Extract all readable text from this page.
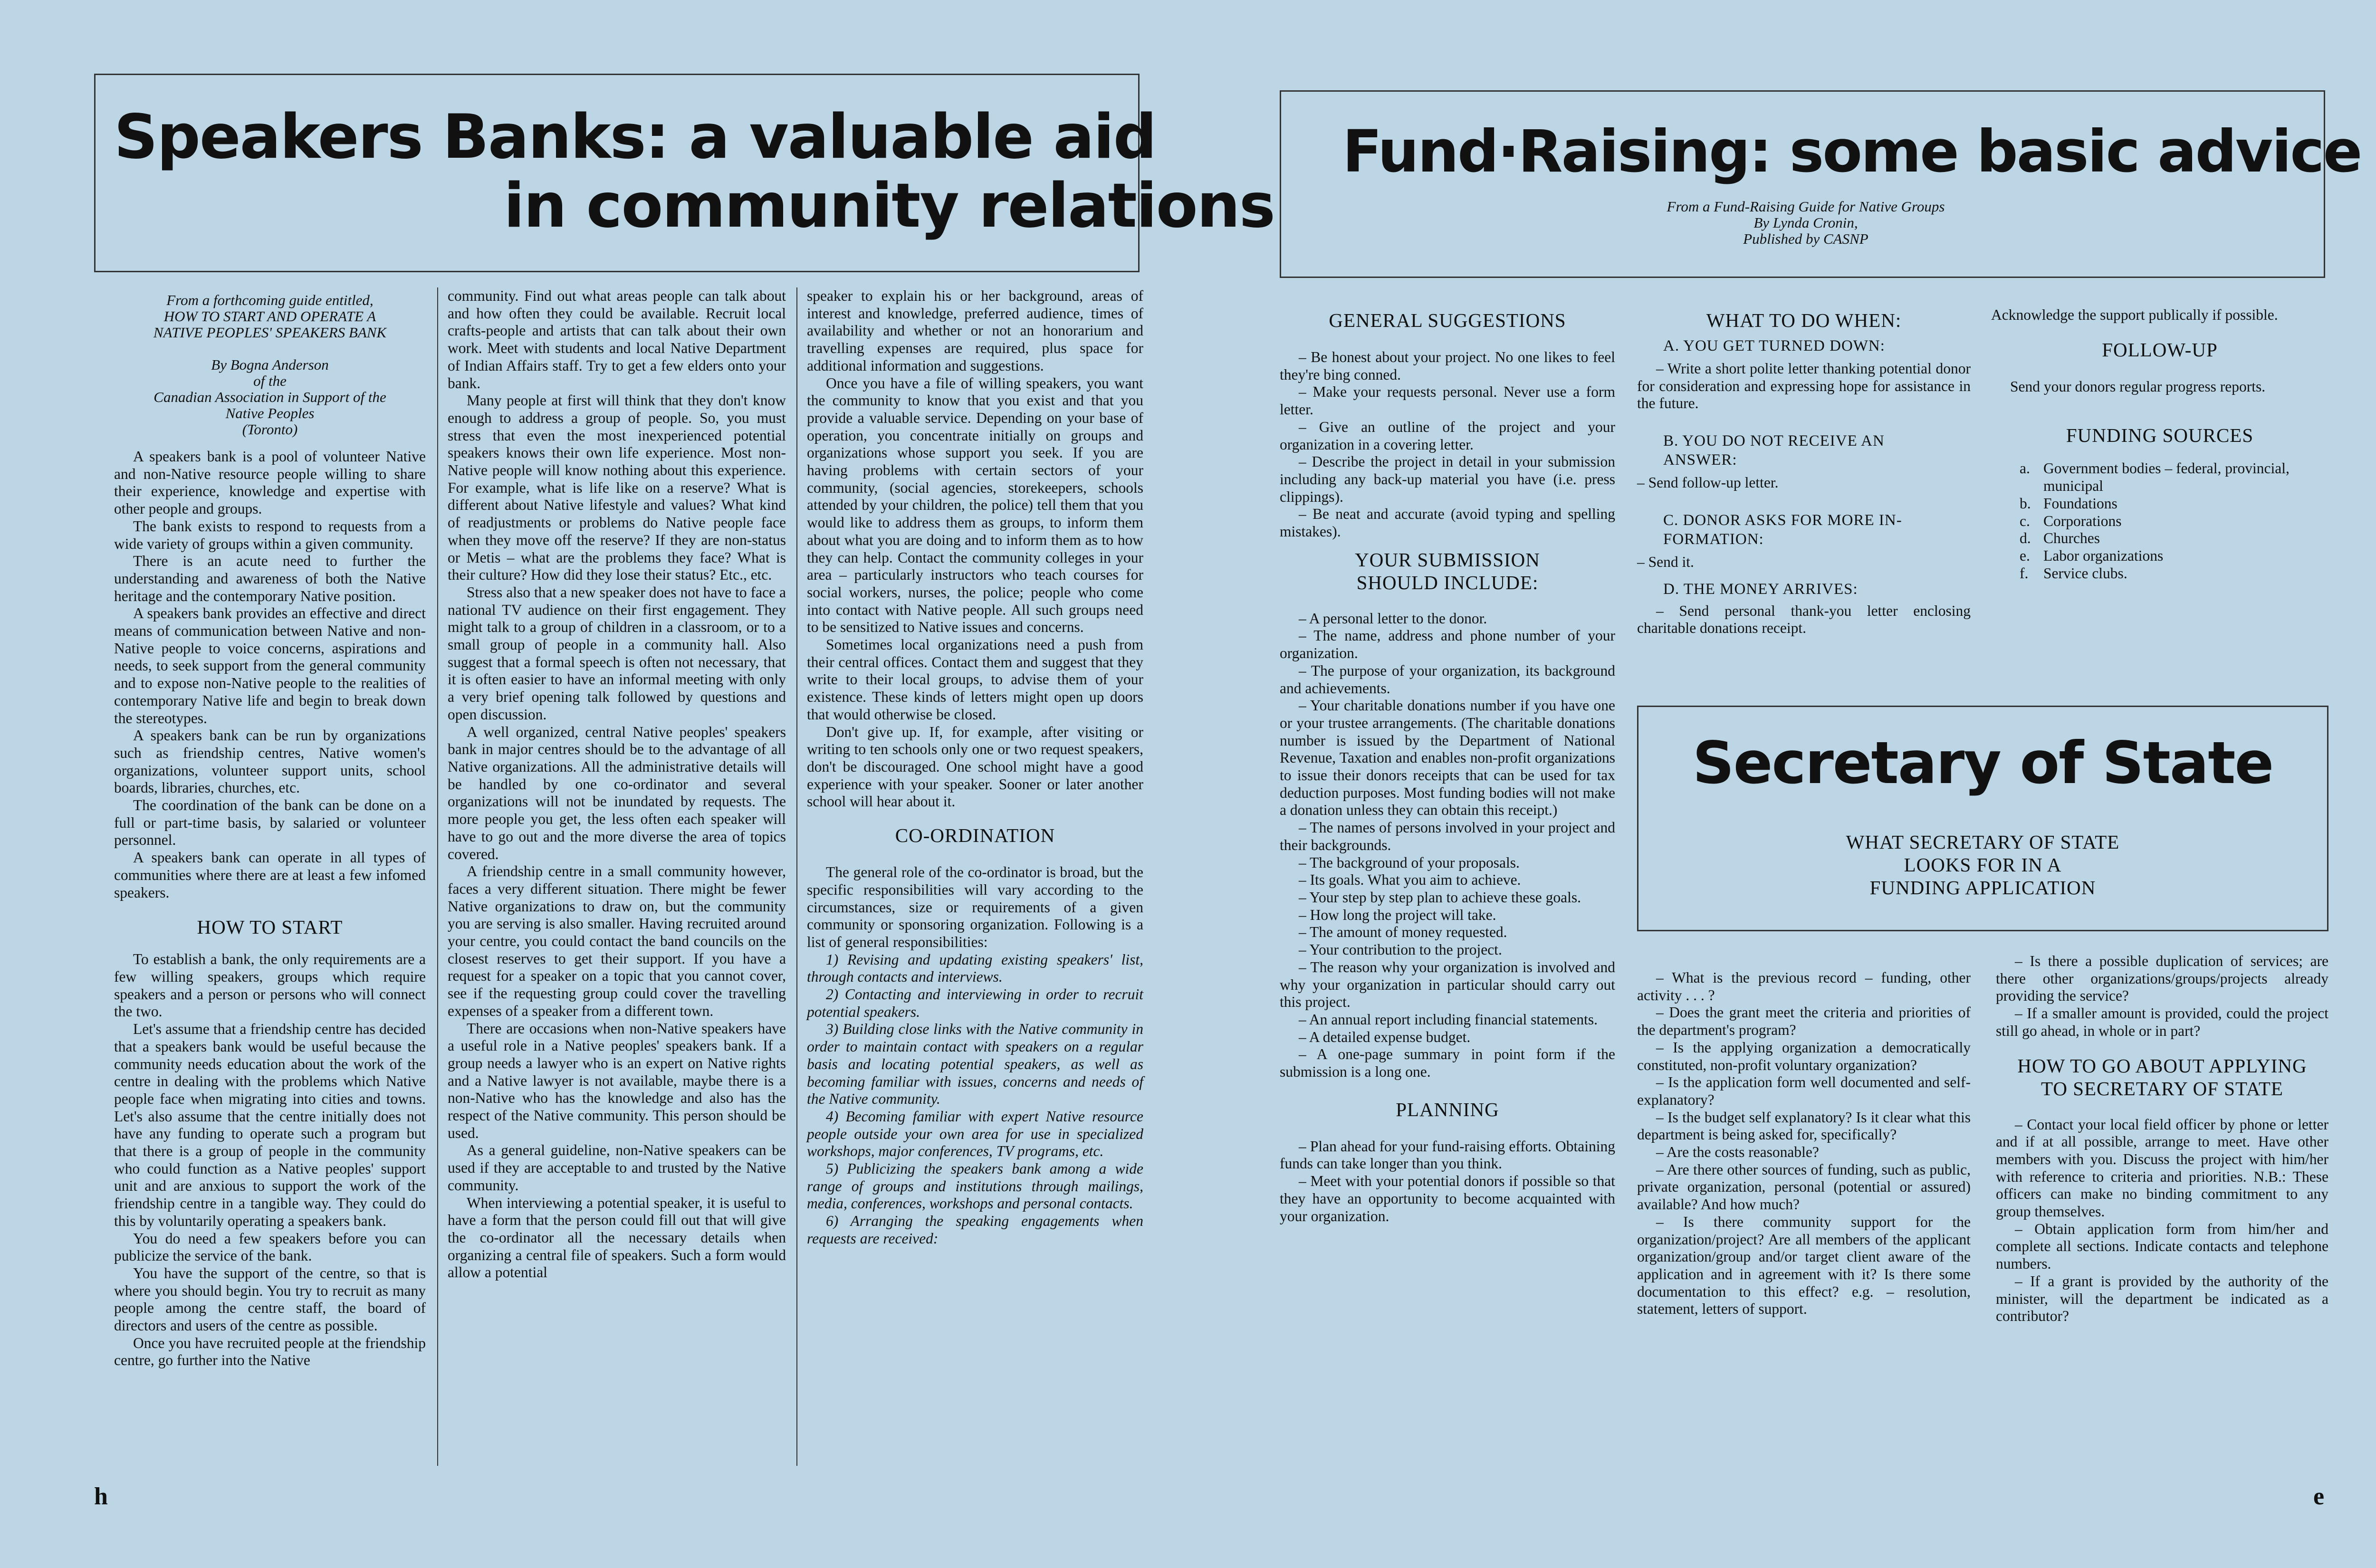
Speakers Banks: a valuable aid
in community relations
From a forthcoming guide entitled,
HOW TO START AND OPERATE A
NATIVE PEOPLES' SPEAKERS BANK
By Bogna Anderson
of the
Canadian Association in Support of the
Native Peoples
(Toronto)

A speakers bank is a pool of volunteer Native and non-Native resource people willing to share their experience, knowledge and expertise with other people and groups.

The bank exists to respond to requests from a wide variety of groups within a given community.

There is an acute need to further the understanding and awareness of both the Native heritage and the contemporary Native position.

A speakers bank provides an effective and direct means of communication between Native and non-Native people to voice concerns, aspirations and needs, to seek support from the general community and to expose non-Native people to the realities of contemporary Native life and begin to break down the stereotypes.

A speakers bank can be run by organizations such as friendship centres, Native women's organizations, volunteer support units, school boards, libraries, churches, etc.

The coordination of the bank can be done on a full or part-time basis, by salaried or volunteer personnel.

A speakers bank can operate in all types of communities where there are at least a few infomed speakers.

HOW TO START

To establish a bank, the only requirements are a few willing speakers, groups which require speakers and a person or persons who will connect the two.

Let's assume that a friendship centre has decided that a speakers bank would be useful because the community needs education about the work of the centre in dealing with the problems which Native people face when migrating into cities and towns. Let's also assume that the centre initially does not have any funding to operate such a program but that there is a group of people in the community who could function as a Native peoples' support unit and are anxious to support the work of the friendship centre in a tangible way. They could do this by voluntarily operating a speakers bank.

You do need a few speakers before you can publicize the service of the bank.

You have the support of the centre, so that is where you should begin. You try to recruit as many people among the centre staff, the board of directors and users of the centre as possible.

Once you have recruited people at the friendship centre, go further into the Native

community. Find out what areas people can talk about and how often they could be available. Recruit local crafts-people and artists that can talk about their own work. Meet with students and local Native Department of Indian Affairs staff. Try to get a few elders onto your bank.

Many people at first will think that they don't know enough to address a group of people. So, you must stress that even the most inexperienced potential speakers knows their own life experience. Most non-Native people will know nothing about this experience. For example, what is life like on a reserve? What is different about Native lifestyle and values? What kind of readjustments or problems do Native people face when they move off the reserve? If they are non-status or Metis – what are the problems they face? What is their culture? How did they lose their status? Etc., etc.

Stress also that a new speaker does not have to face a national TV audience on their first engagement. They might talk to a group of children in a classroom, or to a small group of people in a community hall. Also suggest that a formal speech is often not necessary, that it is often easier to have an informal meeting with only a very brief opening talk followed by questions and open discussion.

A well organized, central Native peoples' speakers bank in major centres should be to the advantage of all Native organizations. All the administrative details will be handled by one co-ordinator and several organizations will not be inundated by requests. The more people you get, the less often each speaker will have to go out and the more diverse the area of topics covered.

A friendship centre in a small community however, faces a very different situation. There might be fewer Native organizations to draw on, but the community you are serving is also smaller. Having recruited around your centre, you could contact the band councils on the closest reserves to get their support. If you have a request for a speaker on a topic that you cannot cover, see if the requesting group could cover the travelling expenses of a speaker from a different town.

There are occasions when non-Native speakers have a useful role in a Native peoples' speakers bank. If a group needs a lawyer who is an expert on Native rights and a Native lawyer is not available, maybe there is a non-Native who has the knowledge and also has the respect of the Native community. This person should be used.

As a general guideline, non-Native speakers can be used if they are acceptable to and trusted by the Native community.

When interviewing a potential speaker, it is useful to have a form that the person could fill out that will give the co-ordinator all the necessary details when organizing a central file of speakers. Such a form would allow a potential

speaker to explain his or her background, areas of interest and knowledge, preferred audience, times of availability and whether or not an honorarium and travelling expenses are required, plus space for additional information and suggestions.

Once you have a file of willing speakers, you want the community to know that you exist and that you provide a valuable service. Depending on your base of operation, you concentrate initially on groups and organizations whose support you seek. If you are having problems with certain sectors of your community, (social agencies, storekeepers, schools attended by your children, the police) tell them that you would like to address them as groups, to inform them about what you are doing and to inform them as to how they can help. Contact the community colleges in your area – particularly instructors who teach courses for social workers, nurses, the police; people who come into contact with Native people. All such groups need to be sensitized to Native issues and concerns.

Sometimes local organizations need a push from their central offices. Contact them and suggest that they write to their local groups, to advise them of your existence. These kinds of letters might open up doors that would otherwise be closed.

Don't give up. If, for example, after visiting or writing to ten schools only one or two request speakers, don't be discouraged. One school might have a good experience with your speaker. Sooner or later another school will hear about it.

CO-ORDINATION

The general role of the co-ordinator is broad, but the specific responsibilities will vary according to the circumstances, size or requirements of a given community or sponsoring organization. Following is a list of general responsibilities:

1) Revising and updating existing speakers' list, through contacts and interviews.

2) Contacting and interviewing in order to recruit potential speakers.

3) Building close links with the Native community in order to maintain contact with speakers on a regular basis and locating potential speakers, as well as becoming familiar with issues, concerns and needs of the Native community.

4) Becoming familiar with expert Native resource people outside your own area for use in specialized workshops, major conferences, TV programs, etc.

5) Publicizing the speakers bank among a wide range of groups and institutions through mailings, media, conferences, workshops and personal contacts.

6) Arranging the speaking engagements when requests are received:

h
Fund·Raising: some basic advice
From a Fund-Raising Guide for Native Groups
By Lynda Cronin,
Published by CASNP
GENERAL SUGGESTIONS

– Be honest about your project. No one likes to feel they're bing conned.

– Make your requests personal. Never use a form letter.

– Give an outline of the project and your organization in a covering letter.

– Describe the project in detail in your submission including any back-up material you have (i.e. press clippings).

– Be neat and accurate (avoid typing and spelling mistakes).

YOUR SUBMISSION
SHOULD INCLUDE:

– A personal letter to the donor.

– The name, address and phone number of your organization.

– The purpose of your organization, its background and achievements.

– Your charitable donations number if you have one or your trustee arrangements. (The charitable donations number is issued by the Department of National Revenue, Taxation and enables non-profit organizations to issue their donors receipts that can be used for tax deduction purposes. Most funding bodies will not make a donation unless they can obtain this receipt.)

– The names of persons involved in your project and their backgrounds.

– The background of your proposals.

– Its goals. What you aim to achieve.

– Your step by step plan to achieve these goals.

– How long the project will take.

– The amount of money requested.

– Your contribution to the project.

– The reason why your organization is involved and why your organization in particular should carry out this project.

– An annual report including financial statements.

– A detailed expense budget.

– A one-page summary in point form if the submission is a long one.

PLANNING

– Plan ahead for your fund-raising efforts. Obtaining funds can take longer than you think.

– Meet with your potential donors if possible so that they have an opportunity to become acquainted with your organization.

WHAT TO DO WHEN:
A. YOU GET TURNED DOWN:

– Write a short polite letter thanking potential donor for consideration and expressing hope for assistance in the future.

B. YOU DO NOT RECEIVE AN
ANSWER:

– Send follow-up letter.

C. DONOR ASKS FOR MORE IN-
FORMATION:

– Send it.

D. THE MONEY ARRIVES:

– Send personal thank-you letter enclosing charitable donations receipt.

Acknowledge the support publically if possible.

FOLLOW-UP

Send your donors regular progress reports.

FUNDING SOURCES
a. Government bodies – federal, provincial, municipal
b. Foundations
c. Corporations
d. Churches
e. Labor organizations
f.	Service clubs.
Secretary of State
WHAT SECRETARY OF STATE
LOOKS FOR IN A
FUNDING APPLICATION

– What is the previous record – funding, other activity . . . ?

– Does the grant meet the criteria and priorities of the department's program?

– Is the applying organization a democratically constituted, non-profit voluntary organization?

– Is the application form well documented and self-explanatory?

– Is the budget self explanatory? Is it clear what this department is being asked for, specifically?

– Are the costs reasonable?

– Are there other sources of funding, such as public, private organization, personal (potential or assured) available? And how much?

– Is there community support for the organization/project? Are all members of the applicant organization/group and/or target client aware of the application and in agreement with it? Is there some documentation to this effect? e.g. – resolution, statement, letters of support.

– Is there a possible duplication of services; are there other organizations/groups/projects already providing the service?

– If a smaller amount is provided, could the project still go ahead, in whole or in part?

HOW TO GO ABOUT APPLYING
TO SECRETARY OF STATE

– Contact your local field officer by phone or letter and if at all possible, arrange to meet. Have other members with you. Discuss the project with him/her with reference to criteria and priorities. N.B.: These officers can make no binding commitment to any group themselves.

– Obtain application form from him/her and complete all sections. Indicate contacts and telephone numbers.

– If a grant is provided by the authority of the minister, will the department be indicated as a contributor?

e
